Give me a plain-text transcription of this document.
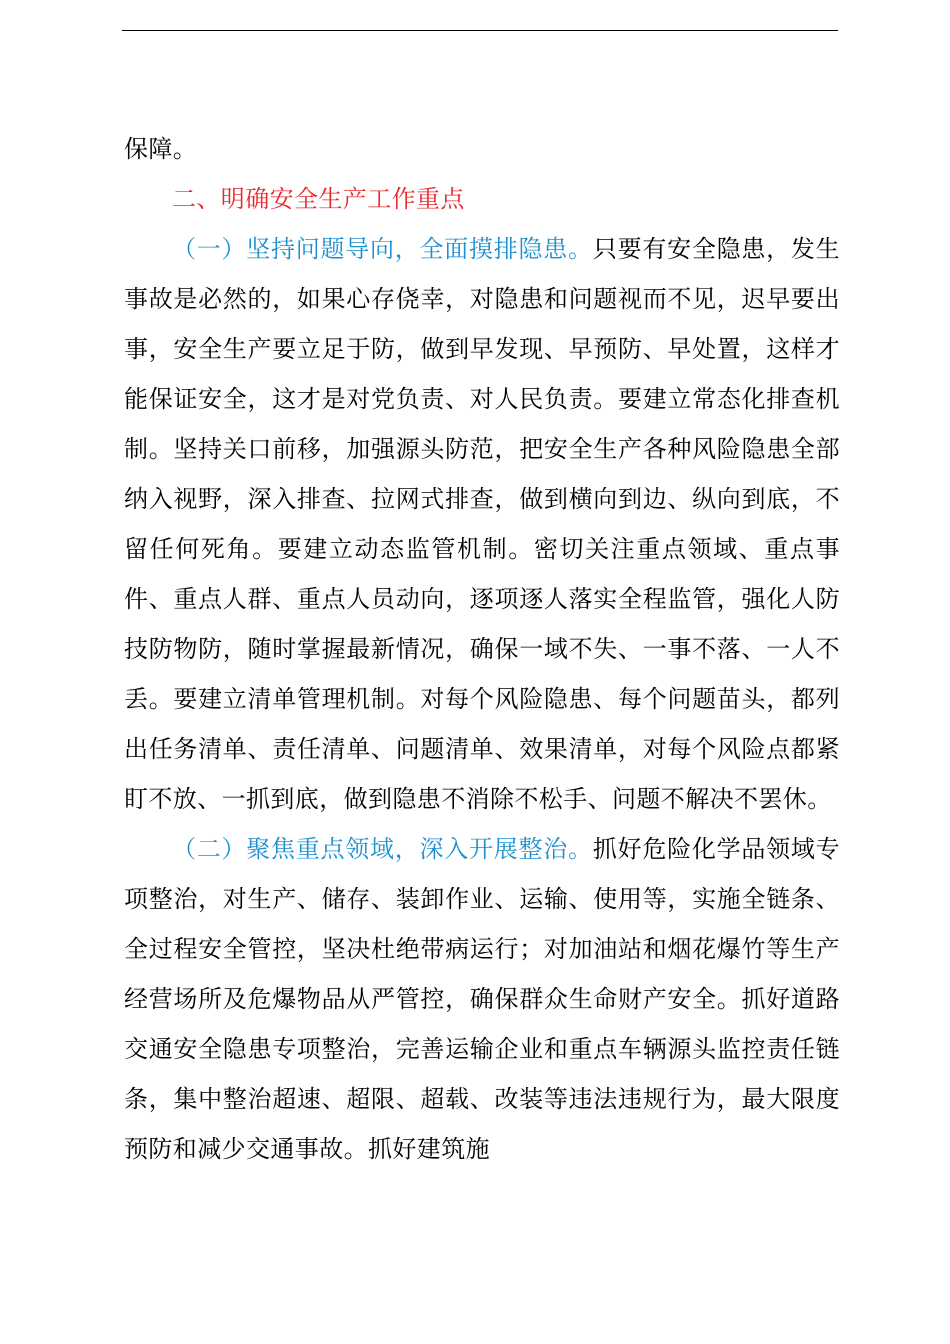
保障。

二、明确安全生产工作重点

（一）坚持问题导向，全面摸排隐患。只要有安全隐患，发生事故是必然的，如果心存侥幸，对隐患和问题视而不见，迟早要出事，安全生产要立足于防，做到早发现、早预防、早处置，这样才能保证安全，这才是对党负责、对人民负责。要建立常态化排查机制。坚持关口前移，加强源头防范，把安全生产各种风险隐患全部纳入视野，深入排查、拉网式排查，做到横向到边、纵向到底，不留任何死角。要建立动态监管机制。密切关注重点领域、重点事件、重点人群、重点人员动向，逐项逐人落实全程监管，强化人防技防物防，随时掌握最新情况，确保一域不失、一事不落、一人不丢。要建立清单管理机制。对每个风险隐患、每个问题苗头，都列出任务清单、责任清单、问题清单、效果清单，对每个风险点都紧盯不放、一抓到底，做到隐患不消除不松手、问题不解决不罢休。

（二）聚焦重点领域，深入开展整治。抓好危险化学品领域专项整治，对生产、储存、装卸作业、运输、使用等，实施全链条、全过程安全管控，坚决杜绝带病运行；对加油站和烟花爆竹等生产经营场所及危爆物品从严管控，确保群众生命财产安全。抓好道路交通安全隐患专项整治，完善运输企业和重点车辆源头监控责任链条，集中整治超速、超限、超载、改装等违法违规行为，最大限度预防和减少交通事故。抓好建筑施
